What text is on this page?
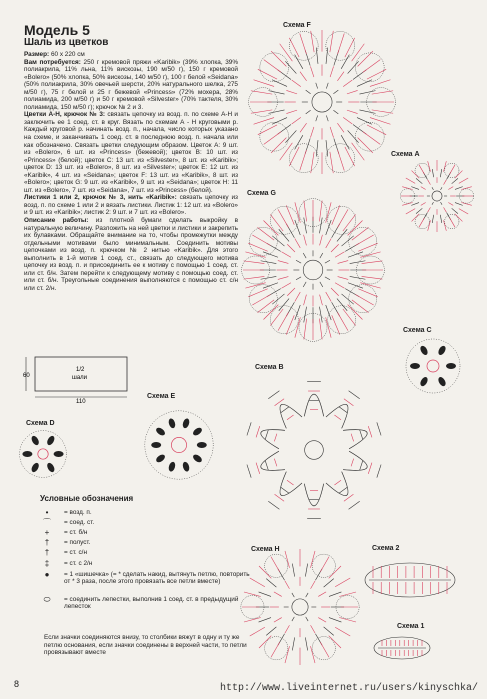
Модель 5
Шаль из цветков

Размер: 60 х 220 см

Вам потребуется: 250 г кремовой пряжи «Karibik» (39% хлопка, 39% полиакрила, 11% льна, 11% вискозы, 190 м/50 г), 150 г кремовой «Bolero» (50% хлопка, 50% вискозы, 140 м/50 г), 100 г белой «Seidana» (50% полиакрила, 30% овечьей шерсти, 20% натурального шелка, 275 м/50 г), 75 г белой и 25 г бежевой «Princess» (72% мохера, 28% полиамида, 200 м/50 г) и 50 г кремовой «Silvester» (70% тактеля, 30% полиамида, 150 м/50 г); крючок № 2 и 3.

Цветки А-Н, крючок № 3: связать цепочку из возд. п. по схеме А-Н и заключить ее 1 соед. ст. в круг. Вязать по схемам А - Н круговыми р. Каждый круговой р. начинать возд. п., начала, число которых указано на схеме, и заканчивать 1 соед. ст. в последнюю возд. п. начала или как обозначено. Связать цветки следующим образом. Цветок А: 9 шт. из «Bolero», 6 шт. из «Princess» (бежевой); цветок В: 10 шт. из «Princess» (белой); цветок С: 13 шт. из «Silvester», 8 шт. из «Karibik»; цветок D: 13 шт. из «Bolero», 8 шт. из «Silvester»; цветок Е: 12 шт. из «Karibik», 4 шт. из «Seidana»; цветок F: 13 шт. из «Karibik», 8 шт. из «Bolero»; цветок G: 9 шт. из «Karibik», 9 шт. из «Seidana»; цветок Н: 11 шт. из «Bolero», 7 шт. из «Seidana», 7 шт. из «Princess» (белой).

Листики 1 или 2, крючок № 3, нить «Karibik»: связать цепочку из возд. п. по схеме 1 или 2 и вязать листики. Листик 1: 12 шт. из «Bolero» и 9 шт. из «Karibik»; листик 2: 9 шт. и 7 шт. из «Bolero».

Описание работы: из плотной бумаги сделать выкройку в натуральную величину. Разложить на ней цветки и листики и закрепить их булавками. Обращайте внимание на то, чтобы промежутки между отдельными мотивами было минимальным. Соединить мотивы цепочками из возд. п. крючком № 2 нитью «Karibik». Для этого выполнить в 1-й мотив 1 соед. ст., связать до следующего мотива цепочку из возд. п. и присоединить ее к мотиву с помощью 1 соед. ст. или ст. б/н. Затем перейти к следующему мотиву с помощью соед. ст. или ст. б/н. Треугольные соединения выполняются с помощью ст. с/н или ст. 2/н.

60
110
1/2
шали
Схема F
Схема А
Схема G
Схема С
Схема В
Схема Е
Схема D
Схема Н	Схема 2
Схема 1
Условные обозначения
•	= возд. п.
⌒	= соед. ст.
+	= ст. б/н
†	= полуст.
†	= ст. с/н
‡	= ст. с 2/н
●	= 1 «шишечка» (= * сделать накид, вытянуть петлю, повторить от * 3 раза, после этого провязать все петли вместе)
⬭	= соединить лепестки, выполнив 1 соед. ст. в предыдущий лепесток
Если значки соединяются внизу, то столбики вяжут в одну и ту же петлю основания, если значки соединены в верхней части, то петли провязывают вместе
8	http://www.liveinternet.ru/users/kinyschka/
